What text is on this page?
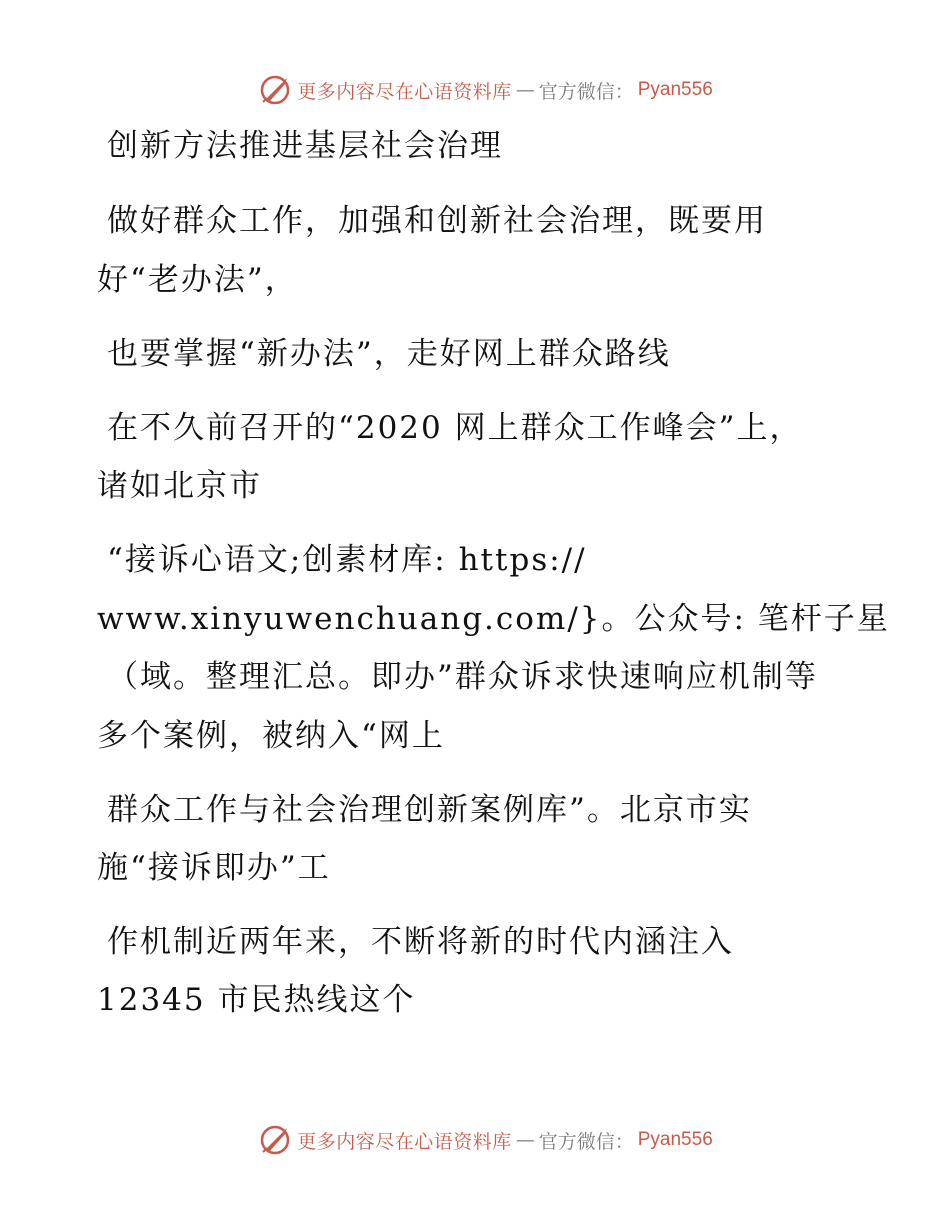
更多内容尽在心语资料库 — 官方微信： Pyan556
创新方法推进基层社会治理
做好群众工作，加强和创新社会治理，既要用
好“老办法”，
也要掌握“新办法”，走好网上群众路线
在不久前召开的“2020 网上群众工作峰会”上，
诸如北京市
“接诉心语文;创素材库: https://
www.xinyuwenchuang.com/}。公众号: 笔杆子星
（域。整理汇总。即办”群众诉求快速响应机制等
多个案例，被纳入“网上
群众工作与社会治理创新案例库”。北京市实
施“接诉即办”工
作机制近两年来，不断将新的时代内涵注入
12345 市民热线这个
更多内容尽在心语资料库 — 官方微信： Pyan556
